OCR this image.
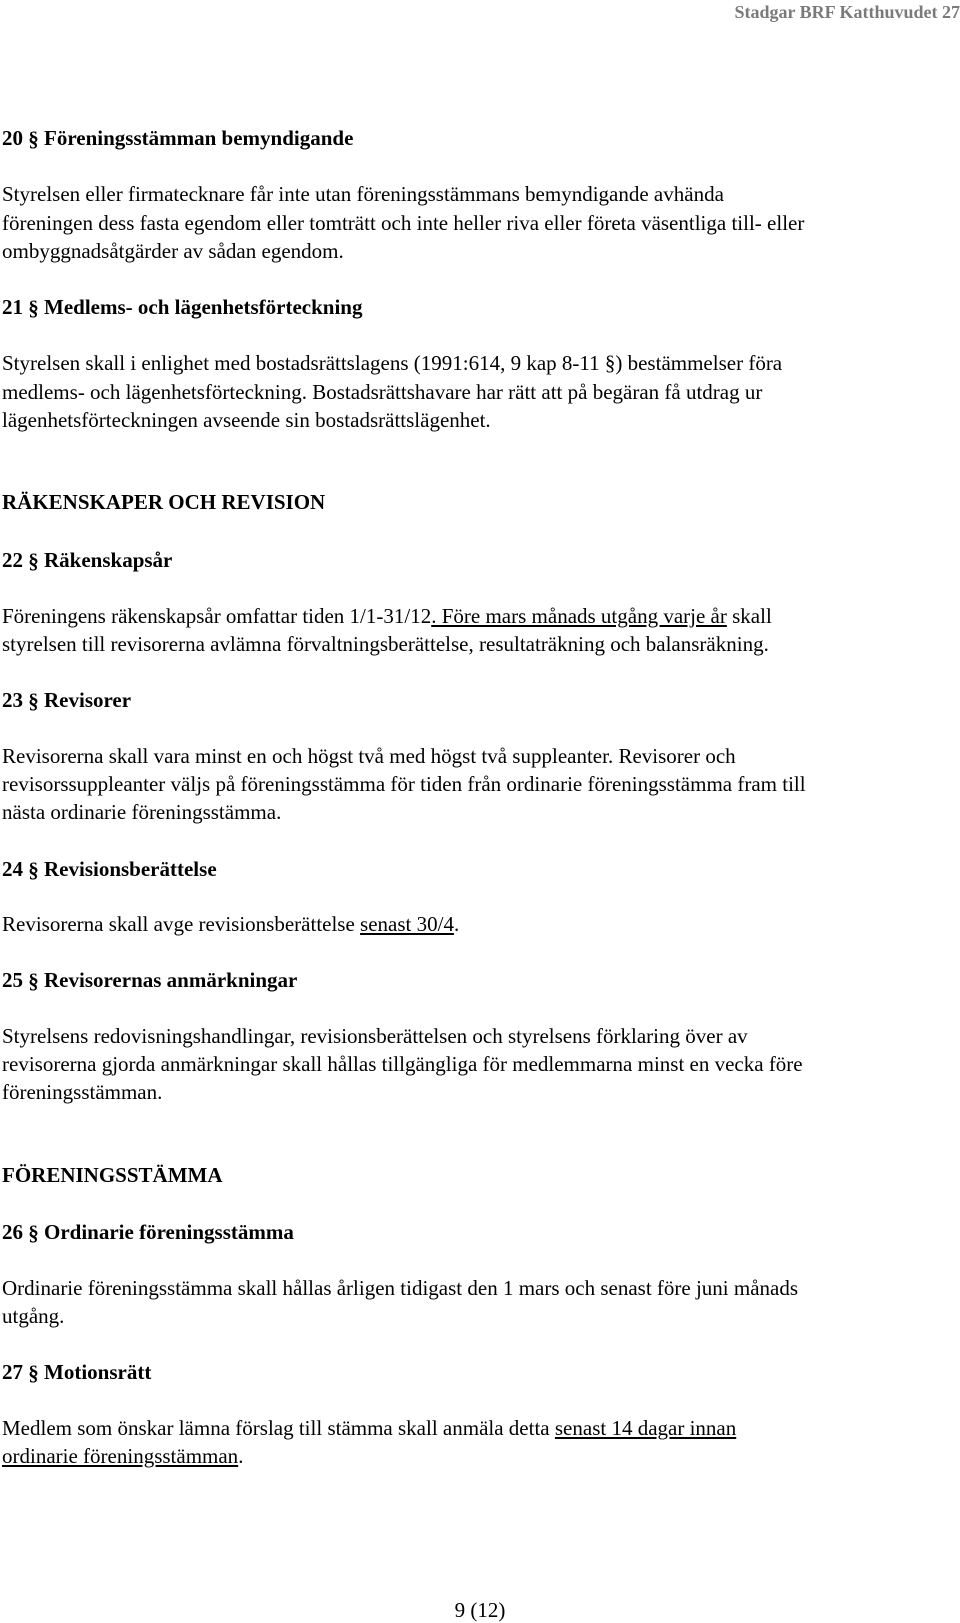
Stadgar BRF Katthuvudet 27
20 § Föreningsstämman bemyndigande
Styrelsen eller firmatecknare får inte utan föreningsstämmans bemyndigande avhända
föreningen dess fasta egendom eller tomträtt och inte heller riva eller företa väsentliga till- eller
ombyggnadsåtgärder av sådan egendom.
21 § Medlems- och lägenhetsförteckning
Styrelsen skall i enlighet med bostadsrättslagens (1991:614, 9 kap 8-11 §) bestämmelser föra
medlems- och lägenhetsförteckning. Bostadsrättshavare har rätt att på begäran få utdrag ur
lägenhetsförteckningen avseende sin bostadsrättslägenhet.
RÄKENSKAPER OCH REVISION
22 § Räkenskapsår
Föreningens räkenskapsår omfattar tiden 1/1-31/12. Före mars månads utgång varje år skall
styrelsen till revisorerna avlämna förvaltningsberättelse, resultaträkning och balansräkning.
23 § Revisorer
Revisorerna skall vara minst en och högst två med högst två suppleanter. Revisorer och
revisorssuppleanter väljs på föreningsstämma för tiden från ordinarie föreningsstämma fram till
nästa ordinarie föreningsstämma.
24 § Revisionsberättelse
Revisorerna skall avge revisionsberättelse senast 30/4.
25 § Revisorernas anmärkningar
Styrelsens redovisningshandlingar, revisionsberättelsen och styrelsens förklaring över av
revisorerna gjorda anmärkningar skall hållas tillgängliga för medlemmarna minst en vecka före
föreningsstämman.
FÖRENINGSSTÄMMA
26 § Ordinarie föreningsstämma
Ordinarie föreningsstämma skall hållas årligen tidigast den 1 mars och senast före juni månads
utgång.
27 § Motionsrätt
Medlem som önskar lämna förslag till stämma skall anmäla detta senast 14 dagar innan
ordinarie föreningsstämman.
9 (12)
